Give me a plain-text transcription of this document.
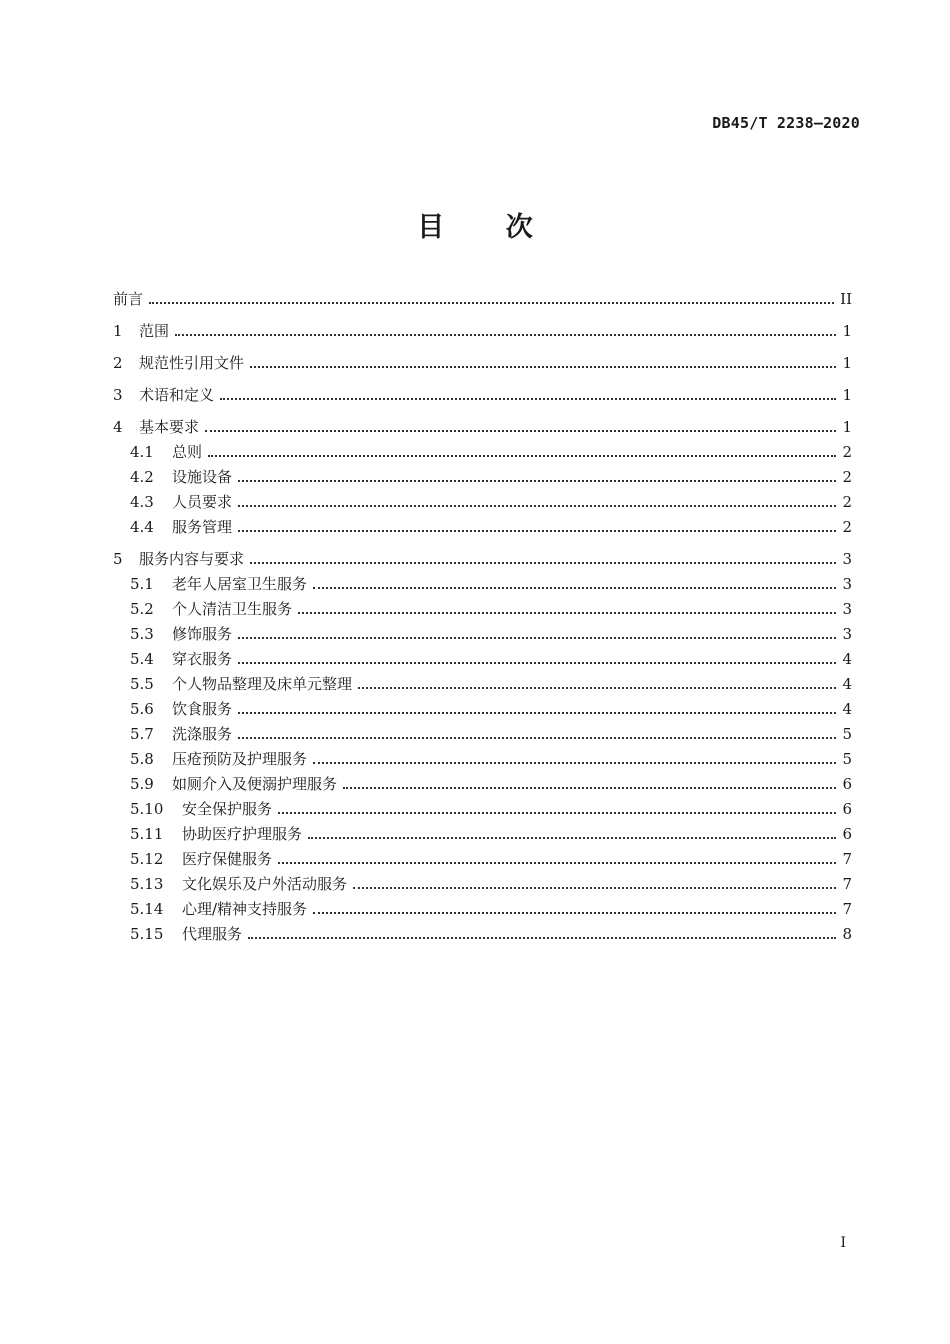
DB45/T 2238—2020
目 次
前言	II
1	范围	1
2	规范性引用文件	1
3	术语和定义	1
4	基本要求	1
4.1	总则	2
4.2	设施设备	2
4.3	人员要求	2
4.4	服务管理	2
5	服务内容与要求	3
5.1	老年人居室卫生服务	3
5.2	个人清洁卫生服务	3
5.3	修饰服务	3
5.4	穿衣服务	4
5.5	个人物品整理及床单元整理	4
5.6	饮食服务	4
5.7	洗涤服务	5
5.8	压疮预防及护理服务	5
5.9	如厕介入及便溺护理服务	6
5.10	安全保护服务	6
5.11	协助医疗护理服务	6
5.12	医疗保健服务	7
5.13	文化娱乐及户外活动服务	7
5.14	心理/精神支持服务	7
5.15	代理服务	8
I
